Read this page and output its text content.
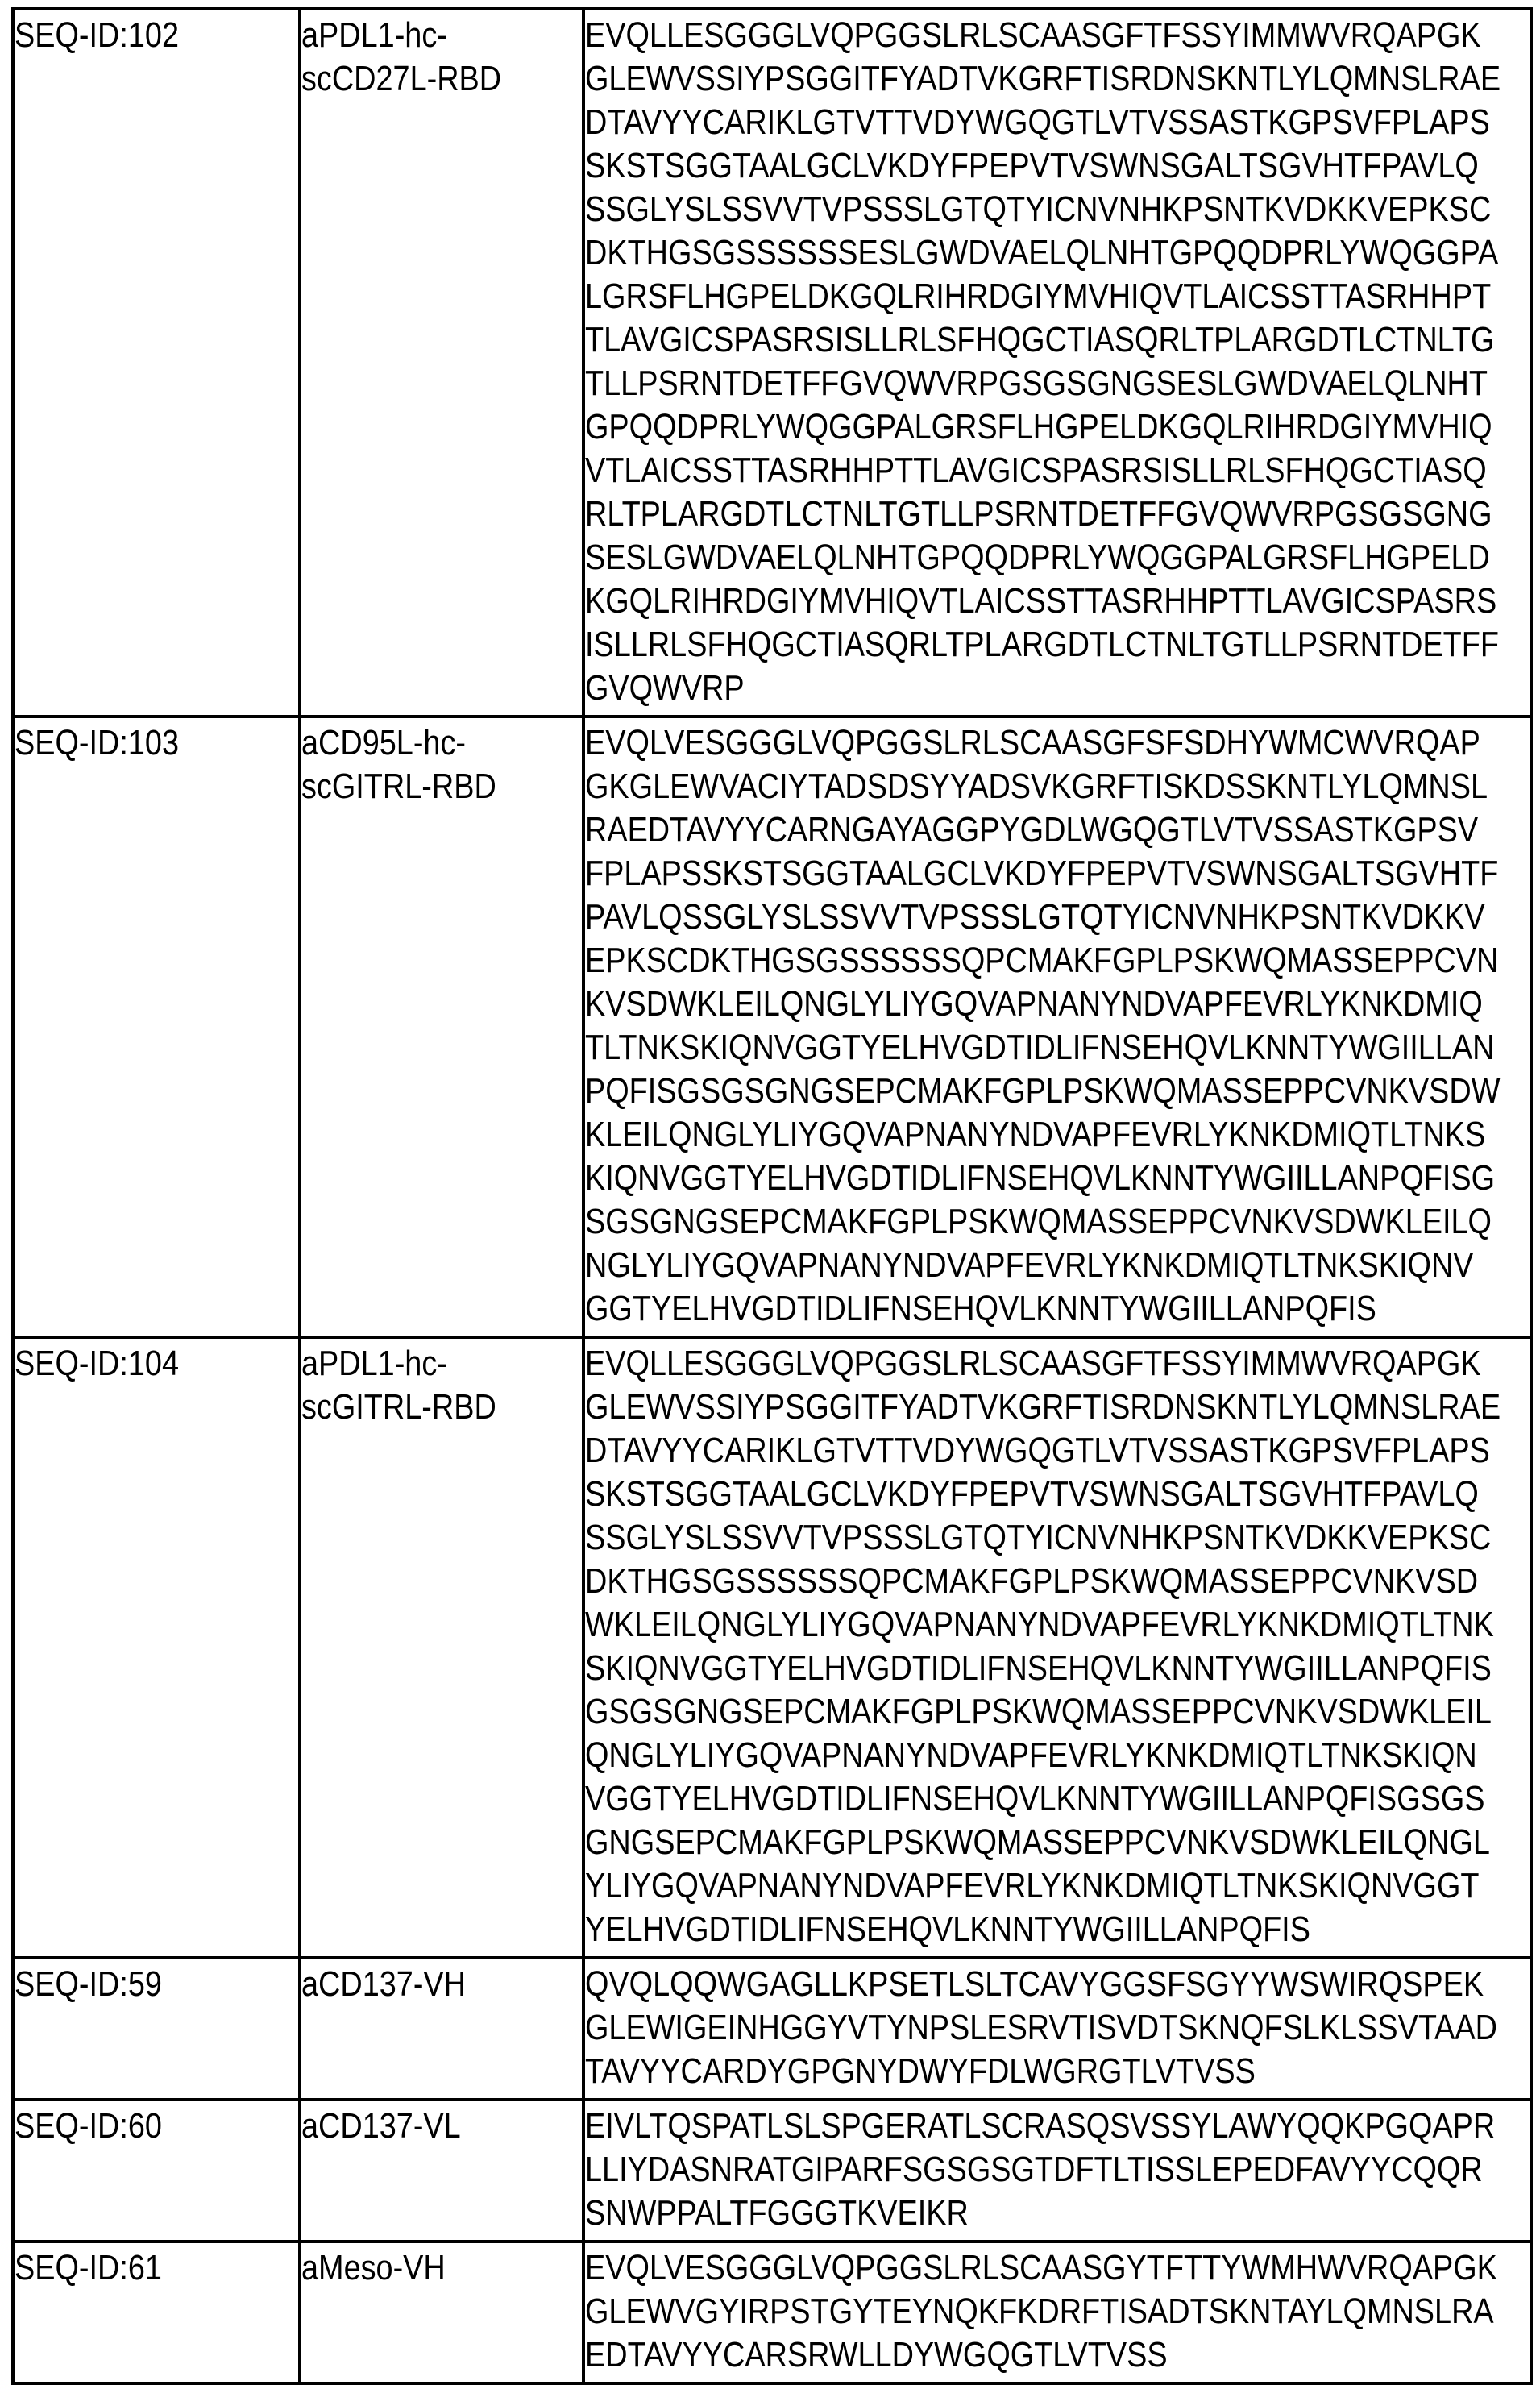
SEQ-ID:102	aPDL1-hc-
scCD27L-RBD

EVQLLESGGGLVQPGGSLRLSCAASGFTFSSYIMMWVRQAPGK
GLEWVSSIYPSGGITFYADTVKGRFTISRDNSKNTLYLQMNSLRAE
DTAVYYCARIKLGTVTTVDYWGQGTLVTVSSASTKGPSVFPLAPS
SKSTSGGTAALGCLVKDYFPEPVTVSWNSGALTSGVHTFPAVLQ
SSGLYSLSSVVTVPSSSLGTQTYICNVNHKPSNTKVDKKVEPKSC
DKTHGSGSSSSSSESLGWDVAELQLNHTGPQQDPRLYWQGGPA
LGRSFLHGPELDKGQLRIHRDGIYMVHIQVTLAICSSTTASRHHPT
TLAVGICSPASRSISLLRLSFHQGCTIASQRLTPLARGDTLCTNLTG
TLLPSRNTDETFFGVQWVRPGSGSGNGSESLGWDVAELQLNHT
GPQQDPRLYWQGGPALGRSFLHGPELDKGQLRIHRDGIYMVHIQ
VTLAICSSTTASRHHPTTLAVGICSPASRSISLLRLSFHQGCTIASQ
RLTPLARGDTLCTNLTGTLLPSRNTDETFFGVQWVRPGSGSGNG
SESLGWDVAELQLNHTGPQQDPRLYWQGGPALGRSFLHGPELD
KGQLRIHRDGIYMVHIQVTLAICSSTTASRHHPTTLAVGICSPASRS
ISLLRLSFHQGCTIASQRLTPLARGDTLCTNLTGTLLPSRNTDETFF
GVQWVRP

SEQ-ID:103	aCD95L-hc-
scGITRL-RBD

EVQLVESGGGLVQPGGSLRLSCAASGFSFSDHYWMCWVRQAP
GKGLEWVACIYTADSDSYYADSVKGRFTISKDSSKNTLYLQMNSL
RAEDTAVYYCARNGAYAGGPYGDLWGQGTLVTVSSASTKGPSV
FPLAPSSKSTSGGTAALGCLVKDYFPEPVTVSWNSGALTSGVHTF
PAVLQSSGLYSLSSVVTVPSSSLGTQTYICNVNHKPSNTKVDKKV
EPKSCDKTHGSGSSSSSSQPCMAKFGPLPSKWQMASSEPPCVN
KVSDWKLEILQNGLYLIYGQVAPNANYNDVAPFEVRLYKNKDMIQ
TLTNKSKIQNVGGTYELHVGDTIDLIFNSEHQVLKNNTYWGIILLAN
PQFISGSGSGNGSEPCMAKFGPLPSKWQMASSEPPCVNKVSDW
KLEILQNGLYLIYGQVAPNANYNDVAPFEVRLYKNKDMIQTLTNKS
KIQNVGGTYELHVGDTIDLIFNSEHQVLKNNTYWGIILLANPQFISG
SGSGNGSEPCMAKFGPLPSKWQMASSEPPCVNKVSDWKLEILQ
NGLYLIYGQVAPNANYNDVAPFEVRLYKNKDMIQTLTNKSKIQNV
GGTYELHVGDTIDLIFNSEHQVLKNNTYWGIILLANPQFIS

SEQ-ID:104	aPDL1-hc-
scGITRL-RBD

EVQLLESGGGLVQPGGSLRLSCAASGFTFSSYIMMWVRQAPGK
GLEWVSSIYPSGGITFYADTVKGRFTISRDNSKNTLYLQMNSLRAE
DTAVYYCARIKLGTVTTVDYWGQGTLVTVSSASTKGPSVFPLAPS
SKSTSGGTAALGCLVKDYFPEPVTVSWNSGALTSGVHTFPAVLQ
SSGLYSLSSVVTVPSSSLGTQTYICNVNHKPSNTKVDKKVEPKSC
DKTHGSGSSSSSSQPCMAKFGPLPSKWQMASSEPPCVNKVSD
WKLEILQNGLYLIYGQVAPNANYNDVAPFEVRLYKNKDMIQTLTNK
SKIQNVGGTYELHVGDTIDLIFNSEHQVLKNNTYWGIILLANPQFIS
GSGSGNGSEPCMAKFGPLPSKWQMASSEPPCVNKVSDWKLEIL
QNGLYLIYGQVAPNANYNDVAPFEVRLYKNKDMIQTLTNKSKIQN
VGGTYELHVGDTIDLIFNSEHQVLKNNTYWGIILLANPQFISGSGS
GNGSEPCMAKFGPLPSKWQMASSEPPCVNKVSDWKLEILQNGL
YLIYGQVAPNANYNDVAPFEVRLYKNKDMIQTLTNKSKIQNVGGT
YELHVGDTIDLIFNSEHQVLKNNTYWGIILLANPQFIS

SEQ-ID:59	aCD137-VH	QVQLQQWGAGLLKPSETLSLTCAVYGGSFSGYYWSWIRQSPEK
GLEWIGEINHGGYVTYNPSLESRVTISVDTSKNQFSLKLSSVTAAD
TAVYYCARDYGPGNYDWYFDLWGRGTLVTVSS

SEQ-ID:60	aCD137-VL	EIVLTQSPATLSLSPGERATLSCRASQSVSSYLAWYQQKPGQAPR
LLIYDASNRATGIPARFSGSGSGTDFTLTISSLEPEDFAVYYCQQR
SNWPPALTFGGGTKVEIKR

SEQ-ID:61	aMeso-VH	EVQLVESGGGLVQPGGSLRLSCAASGYTFTTYWMHWVRQAPGK
GLEWVGYIRPSTGYTEYNQKFKDRFTISADTSKNTAYLQMNSLRA
EDTAVYYCARSRWLLDYWGQGTLVTVSS
